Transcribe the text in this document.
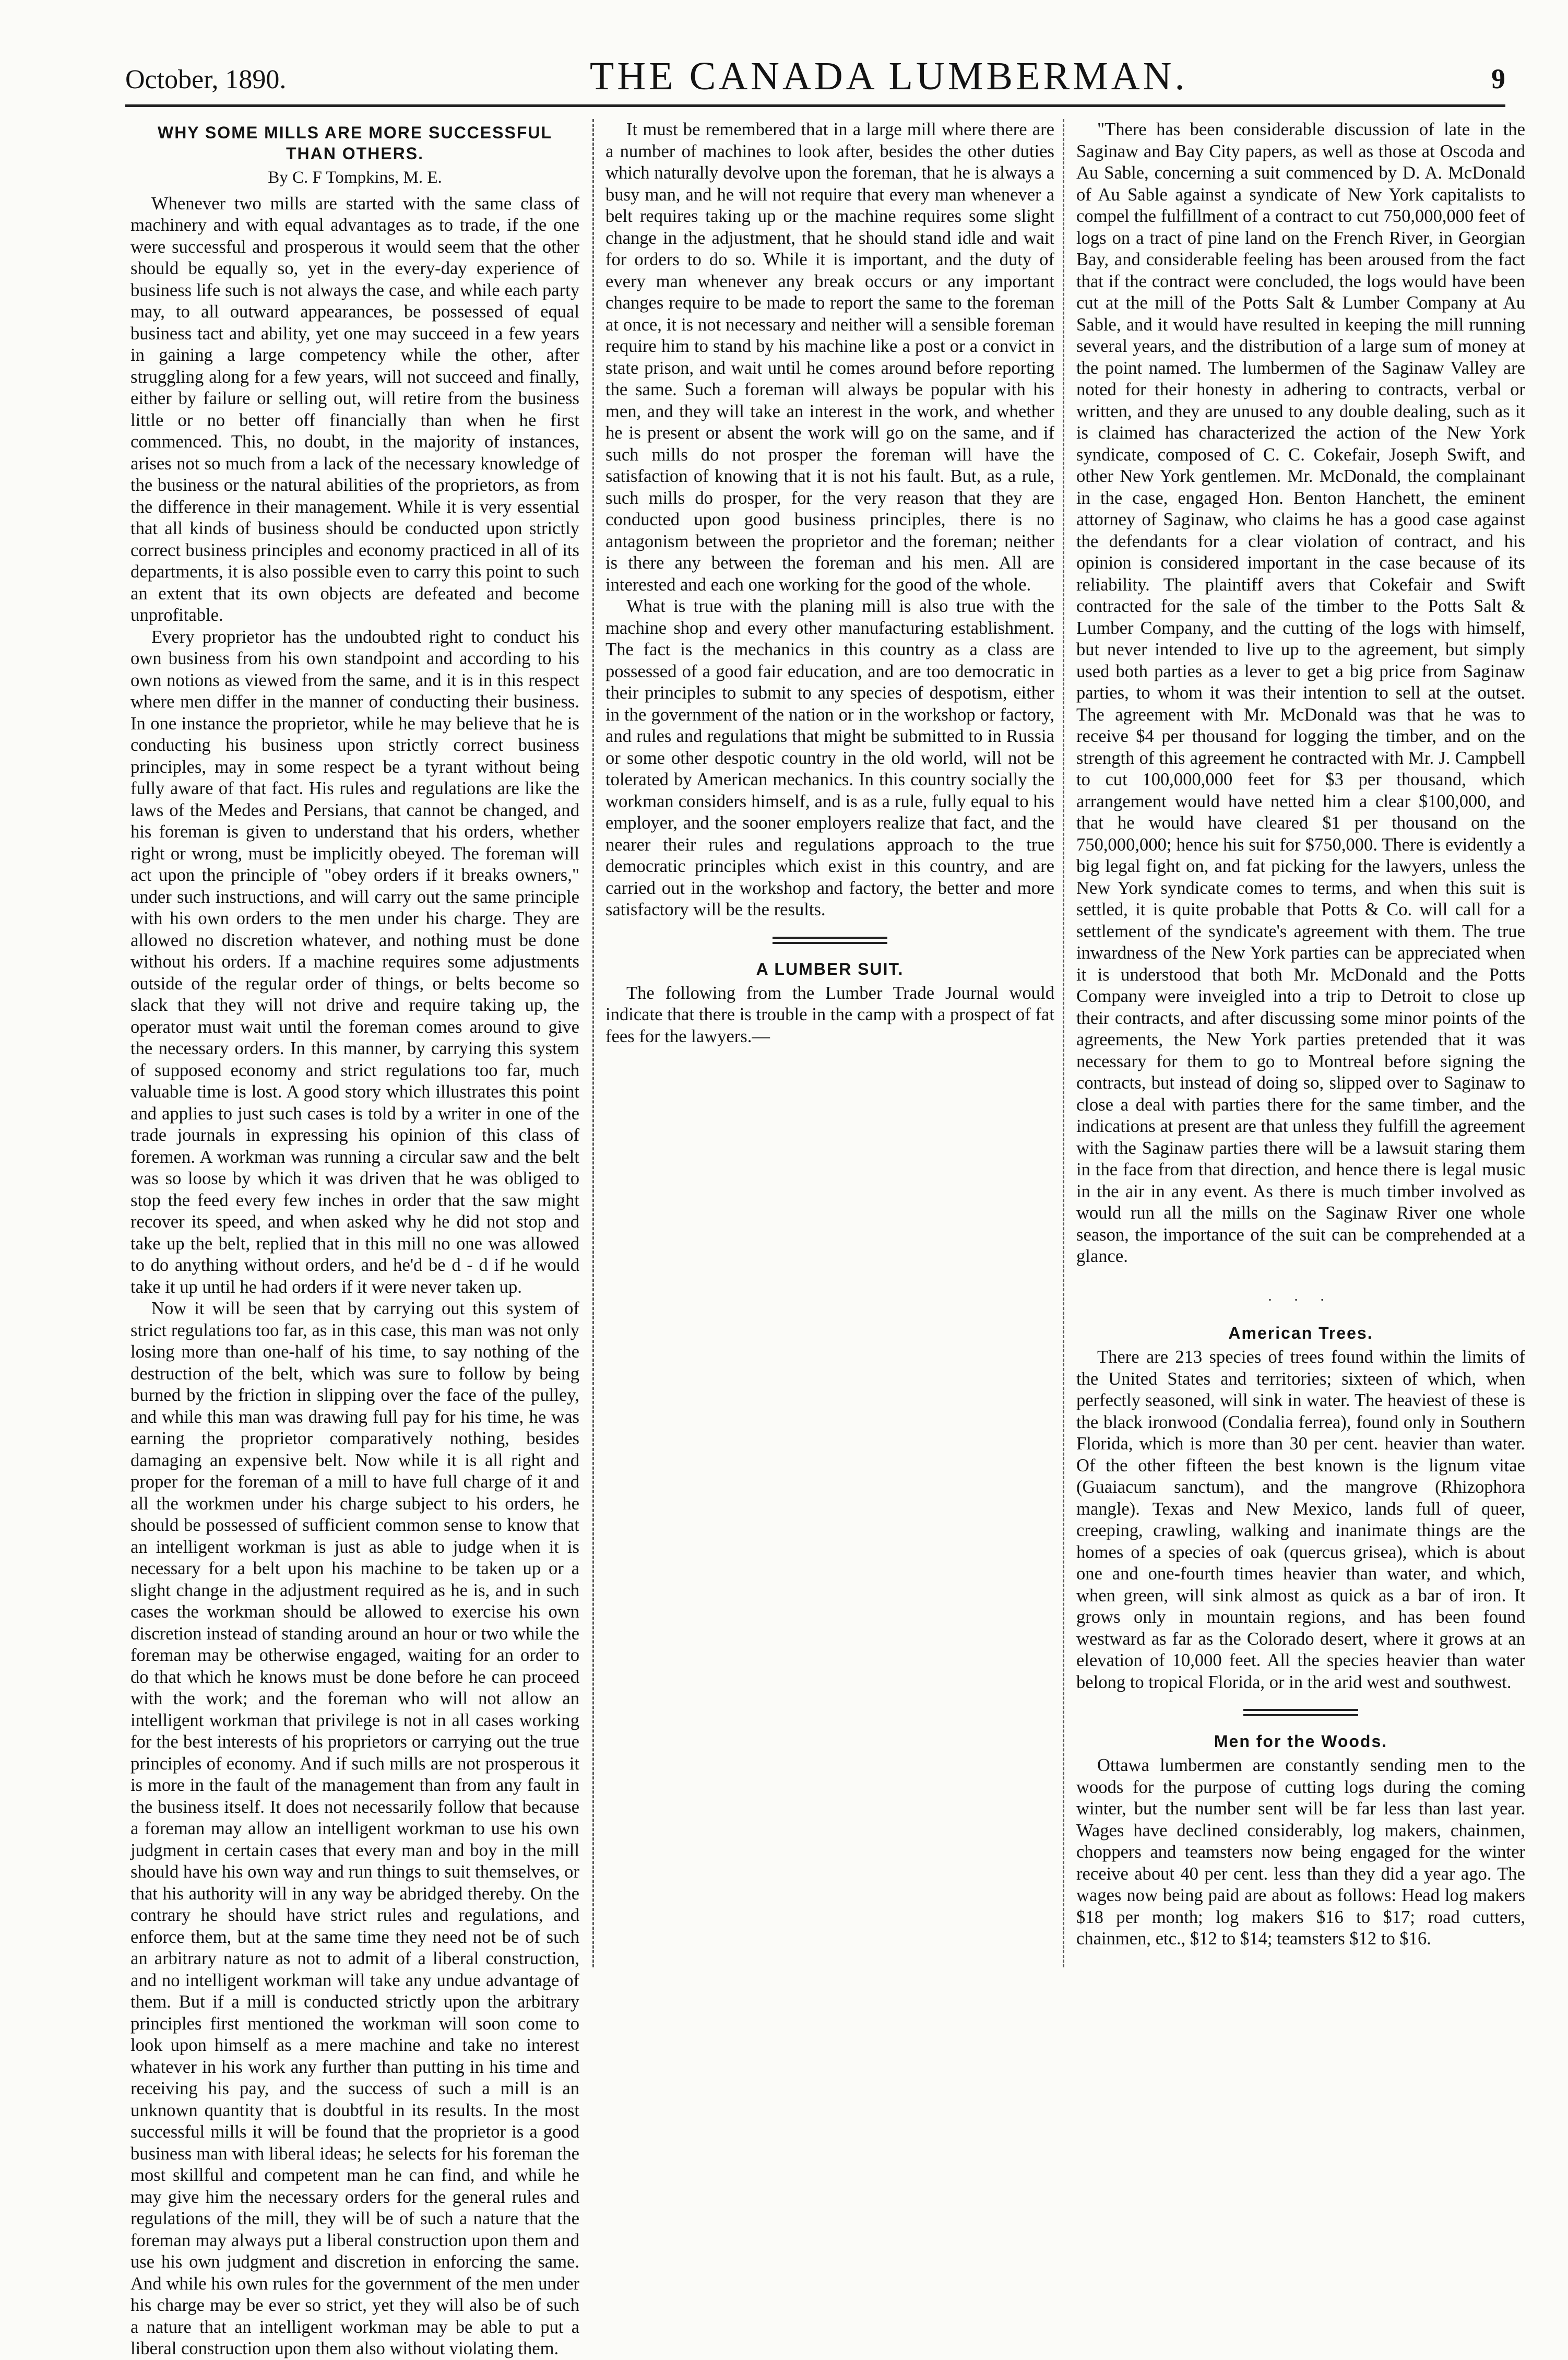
October, 1890.	THE CANADA LUMBERMAN.	9
WHY SOME MILLS ARE MORE SUCCESSFUL THAN OTHERS.
By C. F Tompkins, M. E.

Whenever two mills are started with the same class of machinery and with equal advantages as to trade, if the one were successful and prosperous it would seem that the other should be equally so, yet in the every-day experience of business life such is not always the case, and while each party may, to all outward appearances, be possessed of equal business tact and ability, yet one may succeed in a few years in gaining a large competency while the other, after struggling along for a few years, will not succeed and finally, either by failure or selling out, will retire from the business little or no better off financially than when he first commenced. This, no doubt, in the majority of instances, arises not so much from a lack of the necessary knowledge of the business or the natural abilities of the proprietors, as from the difference in their management. While it is very essential that all kinds of business should be conducted upon strictly correct business principles and economy practiced in all of its departments, it is also possible even to carry this point to such an extent that its own objects are defeated and become unprofitable.

Every proprietor has the undoubted right to conduct his own business from his own standpoint and according to his own notions as viewed from the same, and it is in this respect where men differ in the manner of conducting their business. In one instance the proprietor, while he may believe that he is conducting his business upon strictly correct business principles, may in some respect be a tyrant without being fully aware of that fact. His rules and regulations are like the laws of the Medes and Persians, that cannot be changed, and his foreman is given to understand that his orders, whether right or wrong, must be implicitly obeyed. The foreman will act upon the principle of "obey orders if it breaks owners," under such instructions, and will carry out the same principle with his own orders to the men under his charge. They are allowed no discretion whatever, and nothing must be done without his orders. If a machine requires some adjustments outside of the regular order of things, or belts become so slack that they will not drive and require taking up, the operator must wait until the foreman comes around to give the necessary orders. In this manner, by carrying this system of supposed economy and strict regulations too far, much valuable time is lost. A good story which illustrates this point and applies to just such cases is told by a writer in one of the trade journals in expressing his opinion of this class of foremen. A workman was running a circular saw and the belt was so loose by which it was driven that he was obliged to stop the feed every few inches in order that the saw might recover its speed, and when asked why he did not stop and take up the belt, replied that in this mill no one was allowed to do anything without orders, and he'd be d - d if he would take it up until he had orders if it were never taken up.

Now it will be seen that by carrying out this system of strict regulations too far, as in this case, this man was not only losing more than one-half of his time, to say nothing of the destruction of the belt, which was sure to follow by being burned by the friction in slipping over the face of the pulley, and while this man was drawing full pay for his time, he was earning the proprietor comparatively nothing, besides damaging an expensive belt. Now while it is all right and proper for the foreman of a mill to have full charge of it and all the workmen under his charge subject to his orders, he should be possessed of sufficient common sense to know that an intelligent workman is just as able to judge when it is necessary for a belt upon his machine to be taken up or a slight change in the adjustment required as he is, and in such cases the workman should be allowed to exercise his own discretion instead of standing around an hour or two while the foreman may be otherwise engaged, waiting for an order to do that which he knows must be done before he can proceed with the work; and the foreman who will not allow an intelligent workman that privilege is not in all cases working for the best interests of his proprietors or carrying out the true principles of economy. And if such mills are not prosperous it is more in the fault of the management than from any fault in the business itself. It does not necessarily follow that because a foreman may allow an intelligent workman to use his own judgment in certain cases that every man and boy in the mill should have his own way and run things to suit themselves, or that his authority will in any way be abridged thereby. On the contrary he should have strict rules and regulations, and enforce them, but at the same time they need not be of such an arbitrary nature as not to admit of a liberal construction, and no intelligent workman will take any undue advantage of them. But if a mill is conducted strictly upon the arbitrary principles first mentioned the workman will soon come to look upon himself as a mere machine and take no interest whatever in his work any further than putting in his time and receiving his pay, and the success of such a mill is an unknown quantity that is doubtful in its results. In the most successful mills it will be found that the proprietor is a good business man with liberal ideas; he selects for his foreman the most skillful and competent man he can find, and while he may give him the necessary orders for the general rules and regulations of the mill, they will be of such a nature that the foreman may always put a liberal construction upon them and use his own judgment and discretion in enforcing the same. And while his own rules for the government of the men under his charge may be ever so strict, yet they will also be of such a nature that an intelligent workman may be able to put a liberal construction upon them also without violating them.

It must be remembered that in a large mill where there are a number of machines to look after, besides the other duties which naturally devolve upon the foreman, that he is always a busy man, and he will not require that every man whenever a belt requires taking up or the machine requires some slight change in the adjustment, that he should stand idle and wait for orders to do so. While it is important, and the duty of every man whenever any break occurs or any important changes require to be made to report the same to the foreman at once, it is not necessary and neither will a sensible foreman require him to stand by his machine like a post or a convict in state prison, and wait until he comes around before reporting the same. Such a foreman will always be popular with his men, and they will take an interest in the work, and whether he is present or absent the work will go on the same, and if such mills do not prosper the foreman will have the satisfaction of knowing that it is not his fault. But, as a rule, such mills do prosper, for the very reason that they are conducted upon good business principles, there is no antagonism between the proprietor and the foreman; neither is there any between the foreman and his men. All are interested and each one working for the good of the whole.

What is true with the planing mill is also true with the machine shop and every other manufacturing establishment. The fact is the mechanics in this country as a class are possessed of a good fair education, and are too democratic in their principles to submit to any species of despotism, either in the government of the nation or in the workshop or factory, and rules and regulations that might be submitted to in Russia or some other despotic country in the old world, will not be tolerated by American mechanics. In this country socially the workman considers himself, and is as a rule, fully equal to his employer, and the sooner employers realize that fact, and the nearer their rules and regulations approach to the true democratic principles which exist in this country, and are carried out in the workshop and factory, the better and more satisfactory will be the results.

A LUMBER SUIT.

The following from the Lumber Trade Journal would indicate that there is trouble in the camp with a prospect of fat fees for the lawyers.—

"There has been considerable discussion of late in the Saginaw and Bay City papers, as well as those at Oscoda and Au Sable, concerning a suit commenced by D. A. McDonald of Au Sable against a syndicate of New York capitalists to compel the fulfillment of a contract to cut 750,000,000 feet of logs on a tract of pine land on the French River, in Georgian Bay, and considerable feeling has been aroused from the fact that if the contract were concluded, the logs would have been cut at the mill of the Potts Salt & Lumber Company at Au Sable, and it would have resulted in keeping the mill running several years, and the distribution of a large sum of money at the point named. The lumbermen of the Saginaw Valley are noted for their honesty in adhering to contracts, verbal or written, and they are unused to any double dealing, such as it is claimed has characterized the action of the New York syndicate, composed of C. C. Cokefair, Joseph Swift, and other New York gentlemen. Mr. McDonald, the complainant in the case, engaged Hon. Benton Hanchett, the eminent attorney of Saginaw, who claims he has a good case against the defendants for a clear violation of contract, and his opinion is considered important in the case because of its reliability. The plaintiff avers that Cokefair and Swift contracted for the sale of the timber to the Potts Salt & Lumber Company, and the cutting of the logs with himself, but never intended to live up to the agreement, but simply used both parties as a lever to get a big price from Saginaw parties, to whom it was their intention to sell at the outset. The agreement with Mr. McDonald was that he was to receive $4 per thousand for logging the timber, and on the strength of this agreement he contracted with Mr. J. Campbell to cut 100,000,000 feet for $3 per thousand, which arrangement would have netted him a clear $100,000, and that he would have cleared $1 per thousand on the 750,000,000; hence his suit for $750,000. There is evidently a big legal fight on, and fat picking for the lawyers, unless the New York syndicate comes to terms, and when this suit is settled, it is quite probable that Potts & Co. will call for a settlement of the syndicate's agreement with them. The true inwardness of the New York parties can be appreciated when it is understood that both Mr. McDonald and the Potts Company were inveigled into a trip to Detroit to close up their contracts, and after discussing some minor points of the agreements, the New York parties pretended that it was necessary for them to go to Montreal before signing the contracts, but instead of doing so, slipped over to Saginaw to close a deal with parties there for the same timber, and the indications at present are that unless they fulfill the agreement with the Saginaw parties there will be a lawsuit staring them in the face from that direction, and hence there is legal music in the air in any event. As there is much timber involved as would run all the mills on the Saginaw River one whole season, the importance of the suit can be comprehended at a glance.

. . .
American Trees.

There are 213 species of trees found within the limits of the United States and territories; sixteen of which, when perfectly seasoned, will sink in water. The heaviest of these is the black ironwood (Condalia ferrea), found only in Southern Florida, which is more than 30 per cent. heavier than water. Of the other fifteen the best known is the lignum vitae (Guaiacum sanctum), and the mangrove (Rhizophora mangle). Texas and New Mexico, lands full of queer, creeping, crawling, walking and inanimate things are the homes of a species of oak (quercus grisea), which is about one and one-fourth times heavier than water, and which, when green, will sink almost as quick as a bar of iron. It grows only in mountain regions, and has been found westward as far as the Colorado desert, where it grows at an elevation of 10,000 feet. All the species heavier than water belong to tropical Florida, or in the arid west and southwest.

Men for the Woods.

Ottawa lumbermen are constantly sending men to the woods for the purpose of cutting logs during the coming winter, but the number sent will be far less than last year. Wages have declined considerably, log makers, chainmen, choppers and teamsters now being engaged for the winter receive about 40 per cent. less than they did a year ago. The wages now being paid are about as follows: Head log makers $18 per month; log makers $16 to $17; road cutters, chainmen, etc., $12 to $14; teamsters $12 to $16.
